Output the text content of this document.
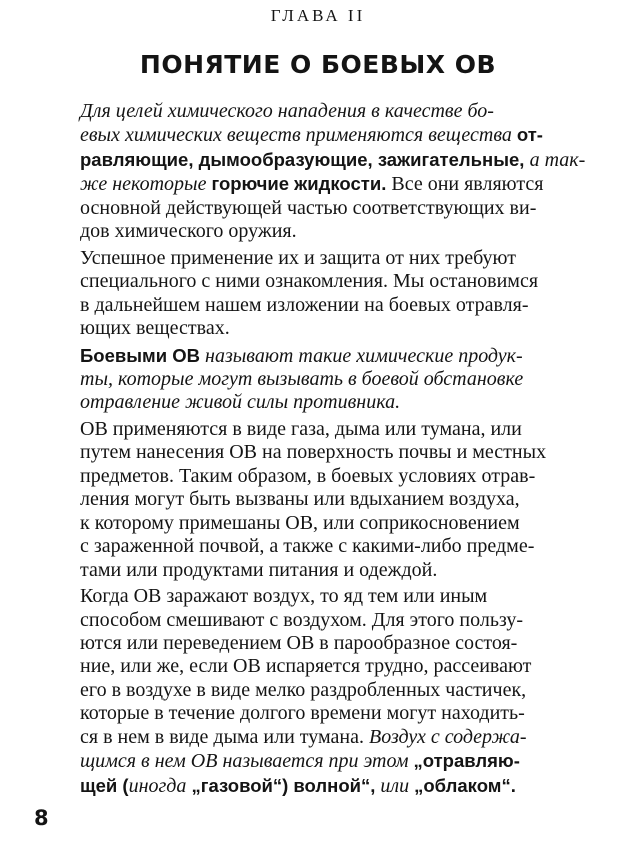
ГЛАВА II
ПОНЯТИЕ О БОЕВЫХ ОВ
Для целей химического нападения в качестве бо-
евых химических веществ применяются вещества от-
равляющие, дымообразующие, зажигательные, а так-
же некоторые горючие жидкости. Все они являются
основной действующей частью соответствующих ви-
дов химического оружия.
Успешное применение их и защита от них требуют
специального с ними ознакомления. Мы остановимся
в дальнейшем нашем изложении на боевых отравля-
ющих веществах.
Боевыми ОВ называют такие химические продук-
ты, которые могут вызывать в боевой обстановке
отравление живой силы противника.
ОВ применяются в виде газа, дыма или тумана, или
путем нанесения ОВ на поверхность почвы и местных
предметов. Таким образом, в боевых условиях отрав-
ления могут быть вызваны или вдыханием воздуха,
к которому примешаны ОВ, или соприкосновением
с зараженной почвой, а также с какими-либо предме-
тами или продуктами питания и одеждой.
Когда ОВ заражают воздух, то яд тем или иным
способом смешивают с воздухом. Для этого пользу-
ются или переведением ОВ в парообразное состоя-
ние, или же, если ОВ испаряется трудно, рассеивают
его в воздухе в виде мелко раздробленных частичек,
которые в течение долгого времени могут находить-
ся в нем в виде дыма или тумана. Воздух с содержа-
щимся в нем ОВ называется при этом „отравляю-
щей (иногда „газовой“) волной“, или „облаком“.
8
